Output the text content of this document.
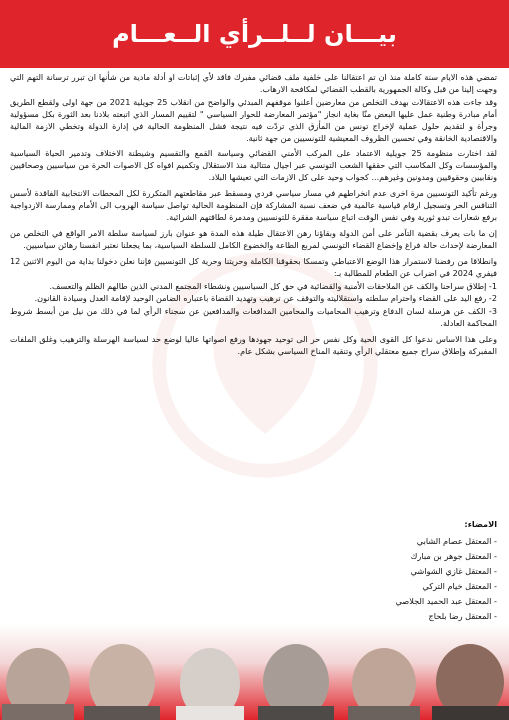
بيـــان لــلــرأي الــعـــام

تمضي هذه الايام سنة كاملة منذ ان تم اعتقالنا على خلفية ملف قضائي مفبرك فاقد لأي إثباتات او أدلة مادية من شأنها ان تبرر ترسانة التهم التي وجهت إلينا من قبل وكالة الجمهورية بالقطب القضائي لمكافحة الارهاب.

وقد جاءت هذه الاعتقالات بهدف التخلص من معارضين أعلنوا موقفهم المبدئي والواضح من انقلاب 25 جويلية 2021 من جهة اولى ولقطع الطريق أمام مبادرة وطنية عمل عليها البعض منّا بغاية انجاز "مؤتمر المعارضة للحوار السياسي " لتقييم المسار الذي اتبعته بلادنا بعد الثورة بكل مسؤولية وجرأة و لتقديم حلول عملية لإخراج تونس من المأزق الذي تردّت فيه نتيجة فشل المنظومة الحالية في إدارة الدولة وتخطي الازمة المالية والاقتصادية الخانقة وفي تحسين الظروف المعيشية للتونسيين من جهة ثانية.

لقد اختارت منظومة 25 جويلية الاعتماد على المركب الأمني القضائي وسياسة القمع والتقسيم وشيطنة الاختلاف وتدمير الحياة السياسية والمؤسسات وكل المكاسب التي حققها الشعب التونسي عبر اجيال متتالية منذ الاستقلال وتكميم افواه كل الاصوات الحرة من سياسيين وصحافيين ونقابيين وحقوقيين ومدونين وغيرهم... كجواب وحيد على كل الازمات التي تعيشها البلاد.

ورغم تأكيد التونسيين مرة اخرى عدم انخراطهم في مسار سياسي فردي ومسقط عبر مقاطعتهم المتكررة لكل المحطات الانتخابية الفاقدة لأسس التنافس الحر وتسجيل ارقام قياسية عالمية في ضعف نسبة المشاركة فإن المنظومة الحالية تواصل سياسة الهروب الى الأمام وممارسة الازدواجية برفع شعارات تبدو ثورية وفي نفس الوقت اتباع سياسة مفقرة للتونسيين ومدمرة لطاقتهم الشرائية.

إن ما بات يعرف بقضية التآمر على أمن الدولة وبقاؤنا رهن الاعتقال طيلة هذه المدة هو عنوان بارز لسياسة سلطة الامر الواقع في التخلص من المعارضة لإحداث حالة فراغ وإخضاع القضاء التونسي لمربع الطاعة والخضوع الكامل للسلطة السياسية، بما يجعلنا نعتبر انفسنا رهائن سياسيين.

وانطلاقا من رفضنا لاستمرار هذا الوضع الاعتباطي وتمسكا بحقوقنا الكاملة وحريتنا وحرية كل التونسيين فإننا نعلن دخولنا بداية من اليوم الاثنين 12 فيفري 2024 في اضراب عن الطعام للمطالبة بـ:

1- إطلاق سراحنا والكف عن الملاحقات الأمنية والقضائية في حق كل السياسيين ونشطاء المجتمع المدني الذين طالهم الظلم والتعسف.

2- رفع اليد على القضاء واحترام سلطته واستقلاليته والتوقف عن ترهيب وتهديد القضاة باعتباره الضامن الوحيد لإقامة العدل وسيادة القانون.

3- الكف عن هرسلة لسان الدفاع وترهيب المحاميات والمحامين المدافعات والمدافعين عن سجناء الرأي لما في ذلك من نيل من أبسط شروط المحاكمة العادلة.

وعلى هذا الاساس ندعوا كل القوى الحية وكل نفس حر الى توحيد جهودها ورفع اصواتها عاليا لوضع حد لسياسة الهرسلة والترهيب وغلق الملفات المفبركة وإطلاق سراح جميع معتقلي الرأي وتنقية المناخ السياسي بشكل عام.

الامضاء:
- المعتقل عصام الشابي
- المعتقل جوهر بن مبارك
- المعتقل غازي الشواشي
- المعتقل خيام التركي
- المعتقل عبد الحميد الجلاصي
- المعتقل رضا بلحاج
